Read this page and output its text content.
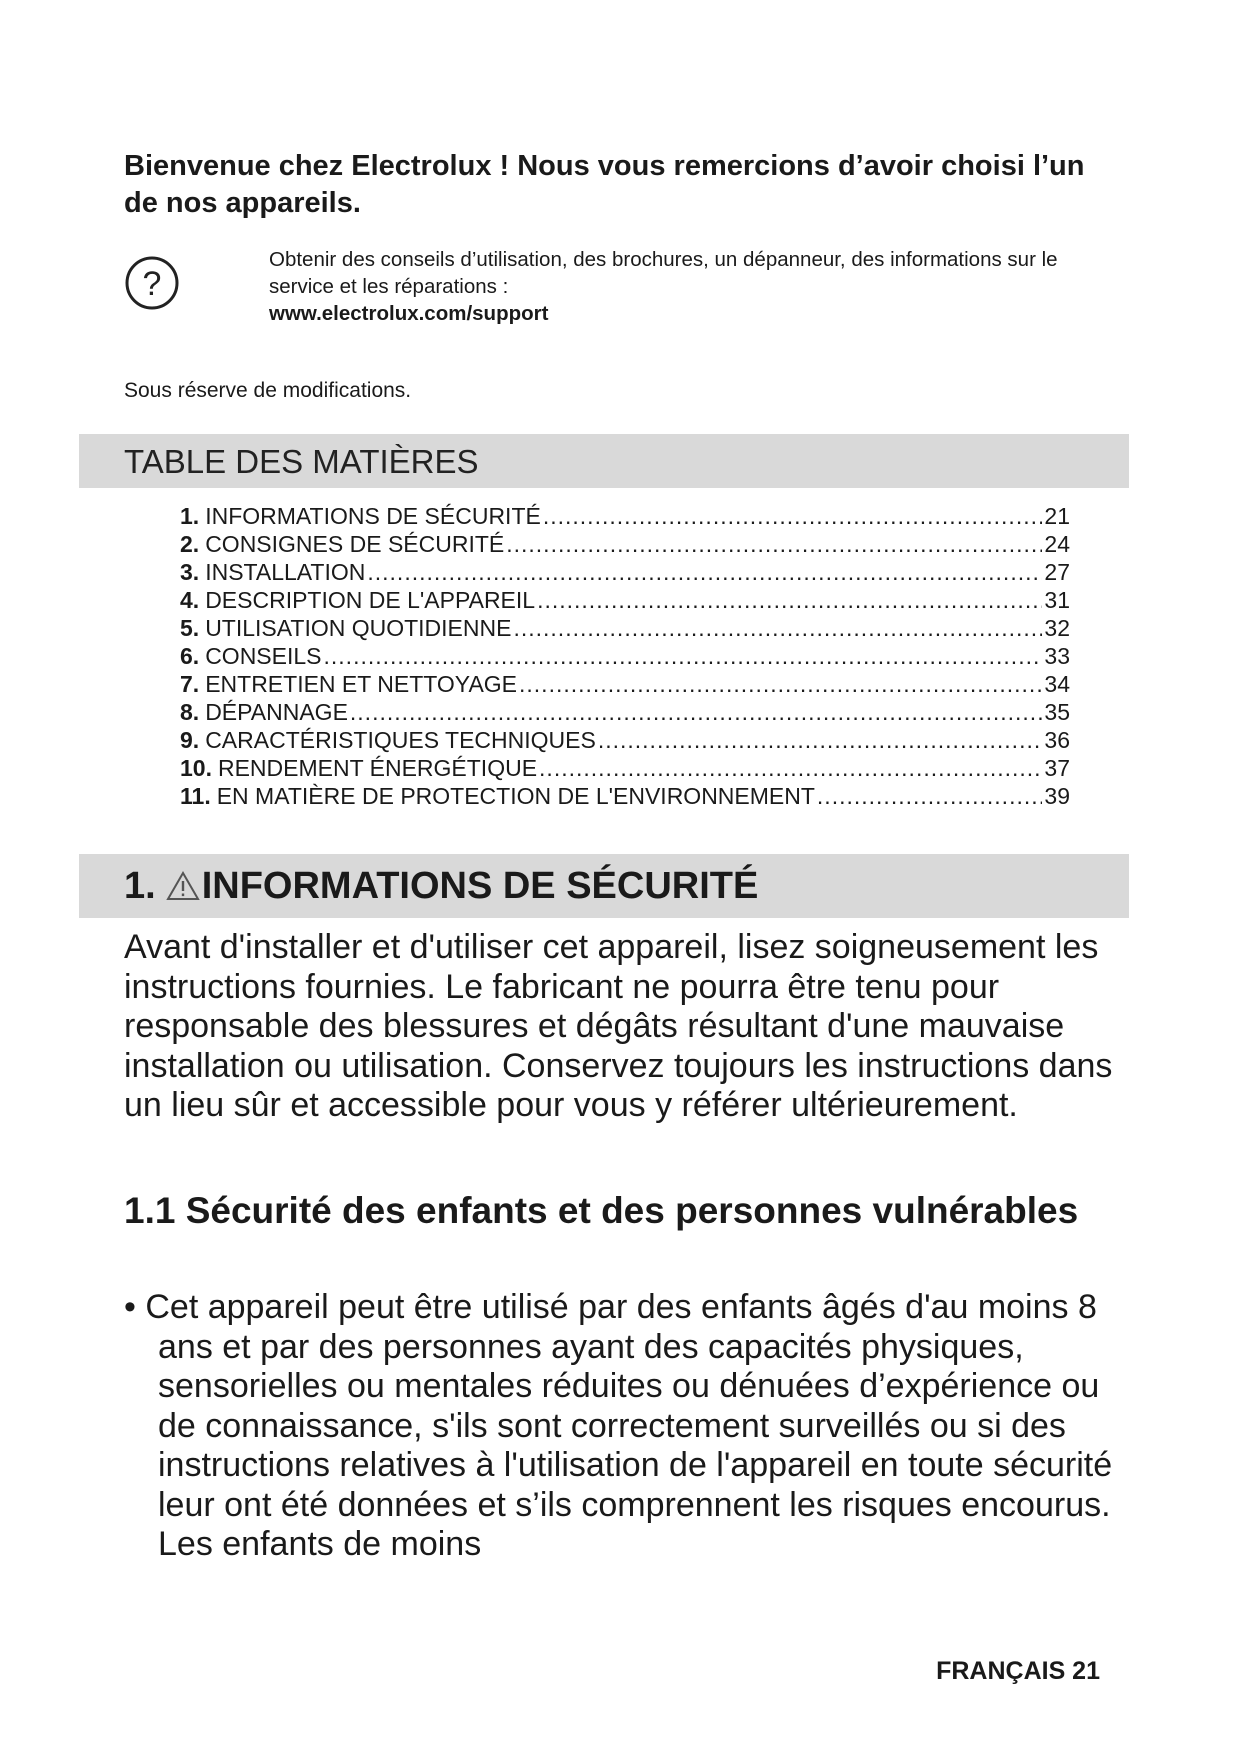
Bienvenue chez Electrolux ! Nous vous remercions d’avoir choisi l’un de nos appareils.
?
Obtenir des conseils d’utilisation, des brochures, un dépanneur, des informations sur le service et les réparations :
www.electrolux.com/support
Sous réserve de modifications.
TABLE DES MATIÈRES
1. INFORMATIONS DE SÉCURITÉ .....	21
2. CONSIGNES DE SÉCURITÉ .....	24
3. INSTALLATION .....	27
4. DESCRIPTION DE L'APPAREIL .....	31
5. UTILISATION QUOTIDIENNE .....	32
6. CONSEILS .....	33
7. ENTRETIEN ET NETTOYAGE .....	34
8. DÉPANNAGE .....	35
9. CARACTÉRISTIQUES TECHNIQUES .....	36
10. RENDEMENT ÉNERGÉTIQUE .....	37
11. EN MATIÈRE DE PROTECTION DE L'ENVIRONNEMENT .....	39
1. INFORMATIONS DE SÉCURITÉ
Avant d'installer et d'utiliser cet appareil, lisez soigneusement les instructions fournies. Le fabricant ne pourra être tenu pour responsable des blessures et dégâts résultant d'une mauvaise installation ou utilisation. Conservez toujours les instructions dans un lieu sûr et accessible pour vous y référer ultérieurement.
1.1 Sécurité des enfants et des personnes vulnérables
• Cet appareil peut être utilisé par des enfants âgés d'au moins 8 ans et par des personnes ayant des capacités physiques, sensorielles ou mentales réduites ou dénuées d’expérience ou de connaissance, s'ils sont correctement surveillés ou si des instructions relatives à l'utilisation de l'appareil en toute sécurité leur ont été données et s’ils comprennent les risques encourus. Les enfants de moins
FRANÇAIS 21
